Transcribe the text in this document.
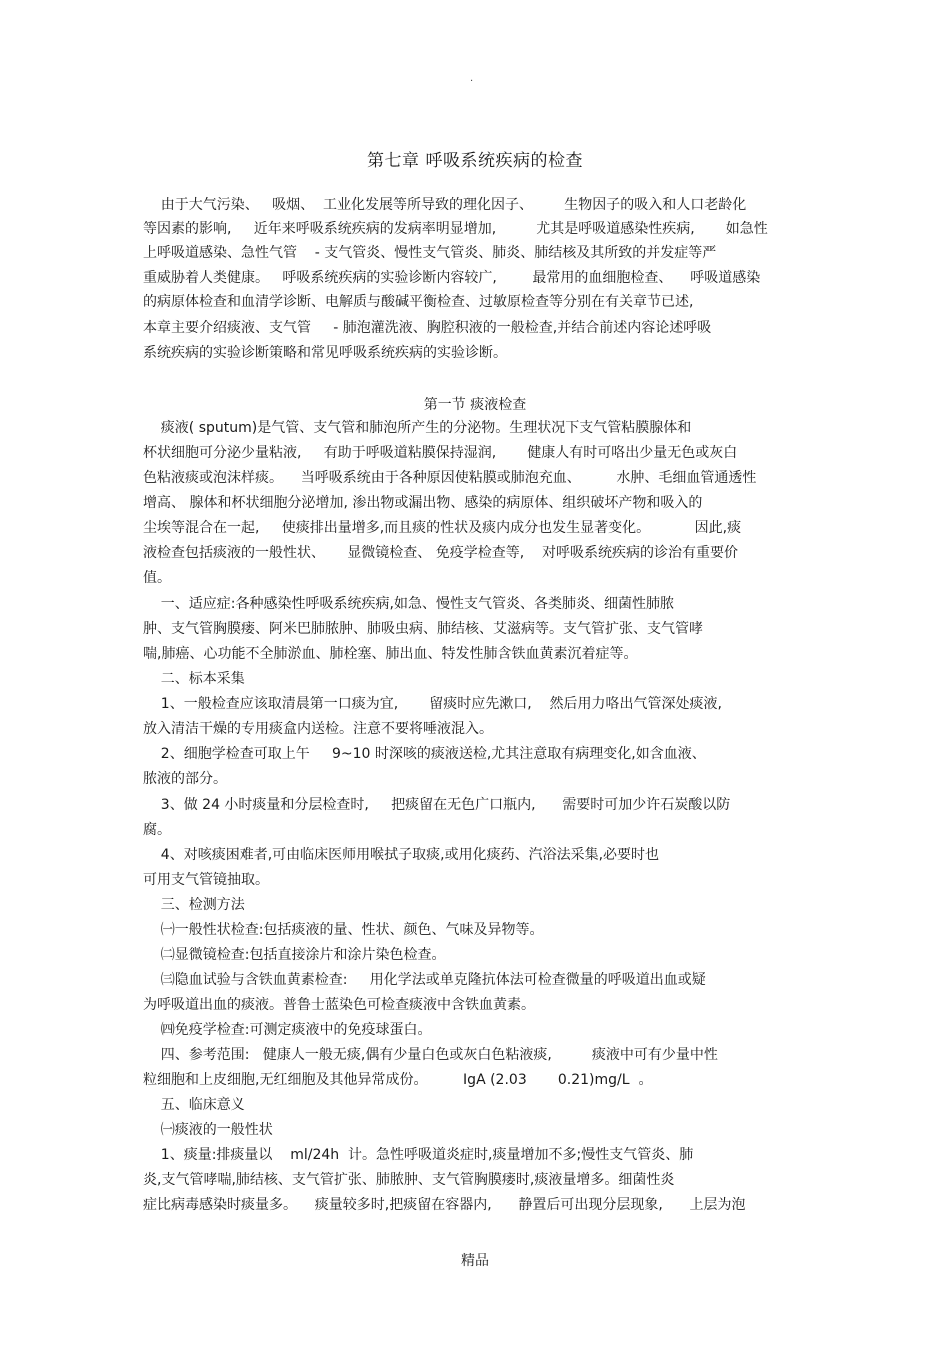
·
第七章 呼吸系统疾病的检查
由于大气污染、   吸烟、  工业化发展等所导致的理化因子、       生物因子的吸入和人口老龄化
等因素的影响,     近年来呼吸系统疾病的发病率明显增加,         尤其是呼吸道感染性疾病,       如急性
上呼吸道感染、急性气管    - 支气管炎、慢性支气管炎、肺炎、肺结核及其所致的并发症等严
重威胁着人类健康。   呼吸系统疾病的实验诊断内容较广,        最常用的血细胞检查、    呼吸道感染
的病原体检查和血清学诊断、电解质与酸碱平衡检查、过敏原检查等分别在有关章节已述,
本章主要介绍痰液、支气管     - 肺泡灌洗液、胸腔积液的一般检查,并结合前述内容论述呼吸
系统疾病的实验诊断策略和常见呼吸系统疾病的实验诊断。
第一节 痰液检查
痰液( sputum)是气管、支气管和肺泡所产生的分泌物。生理状况下支气管粘膜腺体和
杯状细胞可分泌少量粘液,     有助于呼吸道粘膜保持湿润,       健康人有时可咯出少量无色或灰白
色粘液痰或泡沫样痰。    当呼吸系统由于各种原因使粘膜或肺泡充血、        水肿、毛细血管通透性
增高、 腺体和杯状细胞分泌增加, 渗出物或漏出物、感染的病原体、组织破坏产物和吸入的
尘埃等混合在一起,     使痰排出量增多,而且痰的性状及痰内成分也发生显著变化。          因此,痰
液检查包括痰液的一般性状、     显微镜检查、 免疫学检查等,    对呼吸系统疾病的诊治有重要价
值。
一、适应症:各种感染性呼吸系统疾病,如急、慢性支气管炎、各类肺炎、细菌性肺脓
肿、支气管胸膜瘘、阿米巴肺脓肿、肺吸虫病、肺结核、艾滋病等。支气管扩张、支气管哮
喘,肺癌、心功能不全肺淤血、肺栓塞、肺出血、特发性肺含铁血黄素沉着症等。
二、标本采集
1、一般检查应该取清晨第一口痰为宜,       留痰时应先漱口,    然后用力咯出气管深处痰液,
放入清洁干燥的专用痰盒内送检。注意不要将唾液混入。
2、细胞学检查可取上午     9~10 时深咳的痰液送检,尤其注意取有病理变化,如含血液、
脓液的部分。
3、做 24 小时痰量和分层检查时,     把痰留在无色广口瓶内,      需要时可加少许石炭酸以防
腐。
4、对咳痰困难者,可由临床医师用喉拭子取痰,或用化痰药、汽浴法采集,必要时也
可用支气管镜抽取。
三、检测方法
㈠一般性状检查:包括痰液的量、性状、颜色、气味及异物等。
㈡显微镜检查:包括直接涂片和涂片染色检查。
㈢隐血试验与含铁血黄素检查:     用化学法或单克隆抗体法可检查微量的呼吸道出血或疑
为呼吸道出血的痰液。普鲁士蓝染色可检查痰液中含铁血黄素。
㈣免疫学检查:可测定痰液中的免疫球蛋白。
四、参考范围:   健康人一般无痰,偶有少量白色或灰白色粘液痰,         痰液中可有少量中性
粒细胞和上皮细胞,无红细胞及其他异常成份。        IgA (2.03       0.21)mg/L  。
五、临床意义
㈠痰液的一般性状
1、痰量:排痰量以    ml/24h  计。急性呼吸道炎症时,痰量增加不多;慢性支气管炎、肺
炎,支气管哮喘,肺结核、支气管扩张、肺脓肿、支气管胸膜瘘时,痰液量增多。细菌性炎
症比病毒感染时痰量多。    痰量较多时,把痰留在容器内,      静置后可出现分层现象,      上层为泡
精品
